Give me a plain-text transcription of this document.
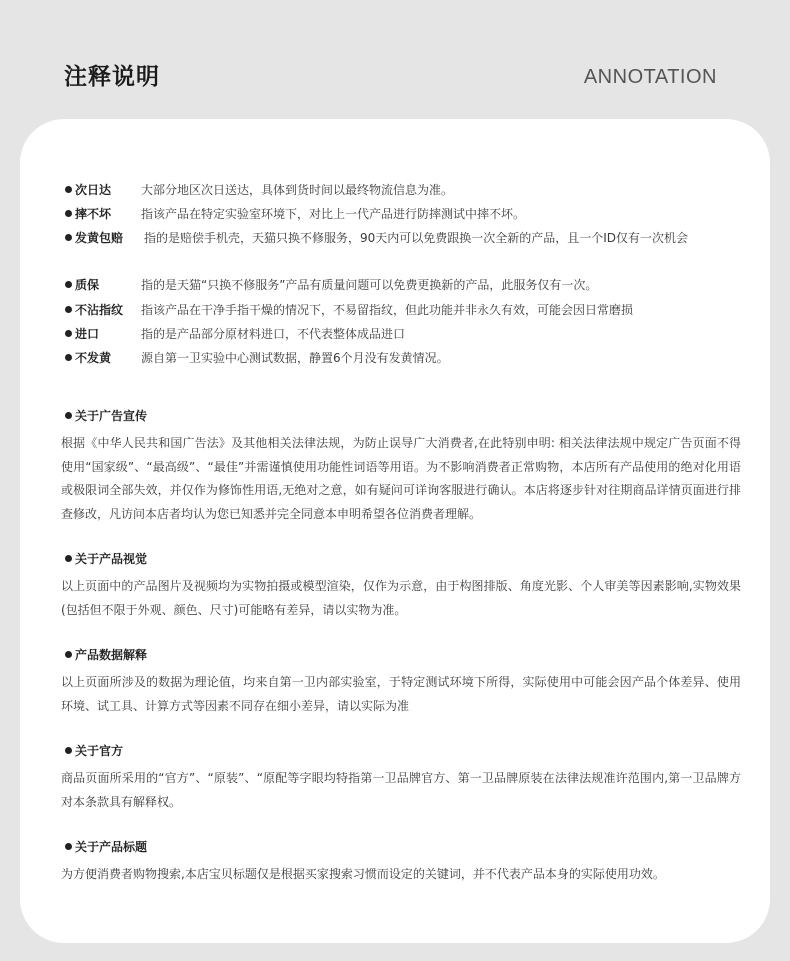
注释说明	ANNOTATION
次日达 大部分地区次日送达，具体到货时间以最终物流信息为准。
摔不坏 指该产品在特定实验室环境下，对比上一代产品进行防摔测试中摔不坏。
发黄包赔 指的是赔偿手机壳，天猫只换不修服务，90天内可以免费跟换一次全新的产品，且一个ID仅有一次机会
质保	指的是天猫“只换不修服务”产品有质量问题可以免费更换新的产品，此服务仅有一次。
不沾指纹 指该产品在干净手指干燥的情况下，不易留指纹，但此功能并非永久有效，可能会因日常磨损
进口	指的是产品部分原材料进口，不代表整体成品进口
不发黄 源自第一卫实验中心测试数据，静置6个月没有发黄情况。
关于广告宣传
根据《中华人民共和国广告法》及其他相关法律法规，为防止误导广大消费者,在此特别申明: 相关法律法规中规定广告页面不得使用“国家级”、“最高级”、“最佳”并需谨慎使用功能性词语等用语。为不影响消费者正常购物，本店所有产品使用的绝对化用语或极限词全部失效，并仅作为修饰性用语,无绝对之意，如有疑问可详询客服进行确认。本店将逐步针对往期商品详情页面进行排查修改，凡访问本店者均认为您已知悉并完全同意本申明希望各位消费者理解。
关于产品视觉
以上页面中的产品图片及视频均为实物拍摄或模型渲染，仅作为示意，由于构图排版、角度光影、个人审美等因素影响,实物效果(包括但不限于外观、颜色、尺寸)可能略有差异，请以实物为准。
产品数据解释
以上页面所涉及的数据为理论值，均来自第一卫内部实验室，于特定测试环境下所得，实际使用中可能会因产品个体差异、使用环境、试工具、计算方式等因素不同存在细小差异，请以实际为准
关于官方
商品页面所采用的“官方”、“原装”、“原配等字眼均特指第一卫品牌官方、第一卫品牌原装在法律法规准许范围内,第一卫品牌方对本条款具有解释权。
关于产品标题
为方便消费者购物搜索,本店宝贝标题仅是根据买家搜索习惯而设定的关键词，并不代表产品本身的实际使用功效。
